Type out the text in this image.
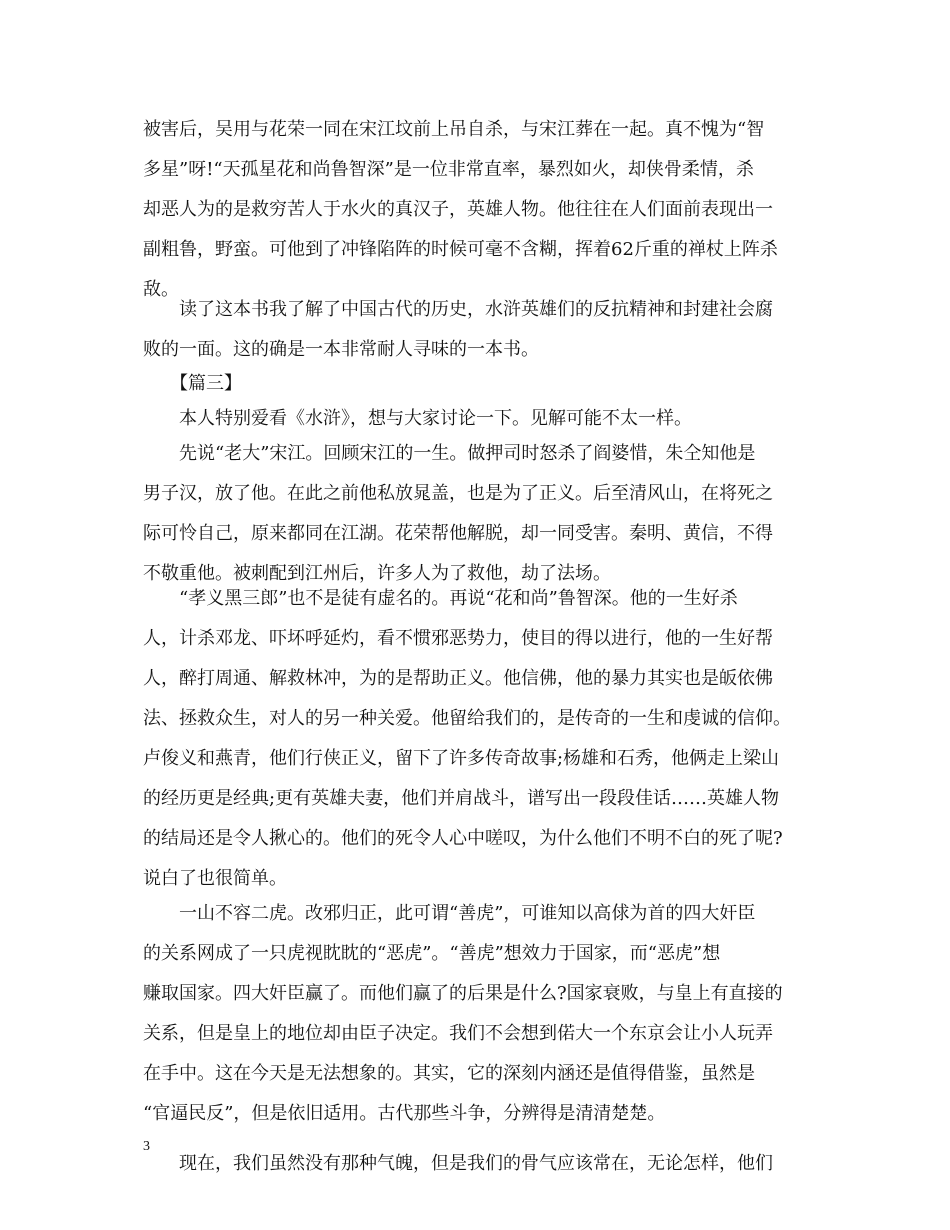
被害后，吴用与花荣一同在宋江坟前上吊自杀，与宋江葬在一起。真不愧为“智
多星”呀!“天孤星花和尚鲁智深”是一位非常直率，暴烈如火，却侠骨柔情，杀
却恶人为的是救穷苦人于水火的真汉子，英雄人物。他往往在人们面前表现出一
副粗鲁，野蛮。可他到了冲锋陷阵的时候可毫不含糊，挥着62斤重的禅杖上阵杀
敌。
读了这本书我了解了中国古代的历史，水浒英雄们的反抗精神和封建社会腐
败的一面。这的确是一本非常耐人寻味的一本书。
【篇三】
本人特别爱看《水浒》，想与大家讨论一下。见解可能不太一样。
先说“老大”宋江。回顾宋江的一生。做押司时怒杀了阎婆惜，朱仝知他是
男子汉，放了他。在此之前他私放晁盖，也是为了正义。后至清风山，在将死之
际可怜自己，原来都同在江湖。花荣帮他解脱，却一同受害。秦明、黄信，不得
不敬重他。被刺配到江州后，许多人为了救他，劫了法场。
“孝义黑三郎”也不是徒有虚名的。再说“花和尚”鲁智深。他的一生好杀
人，计杀邓龙、吓坏呼延灼，看不惯邪恶势力，使目的得以进行，他的一生好帮
人，醉打周通、解救林冲，为的是帮助正义。他信佛，他的暴力其实也是皈依佛
法、拯救众生，对人的另一种关爱。他留给我们的，是传奇的一生和虔诚的信仰。
卢俊义和燕青，他们行侠正义，留下了许多传奇故事;杨雄和石秀，他俩走上梁山
的经历更是经典;更有英雄夫妻，他们并肩战斗，谱写出一段段佳话……英雄人物
的结局还是令人揪心的。他们的死令人心中嗟叹，为什么他们不明不白的死了呢?
说白了也很简单。
一山不容二虎。改邪归正，此可谓“善虎”，可谁知以高俅为首的四大奸臣
的关系网成了一只虎视眈眈的“恶虎”。“善虎”想效力于国家，而“恶虎”想
赚取国家。四大奸臣赢了。而他们赢了的后果是什么?国家衰败，与皇上有直接的
关系，但是皇上的地位却由臣子决定。我们不会想到偌大一个东京会让小人玩弄
在手中。这在今天是无法想象的。其实，它的深刻内涵还是值得借鉴，虽然是
“官逼民反”，但是依旧适用。古代那些斗争，分辨得是清清楚楚。
现在，我们虽然没有那种气魄，但是我们的骨气应该常在，无论怎样，他们
3
